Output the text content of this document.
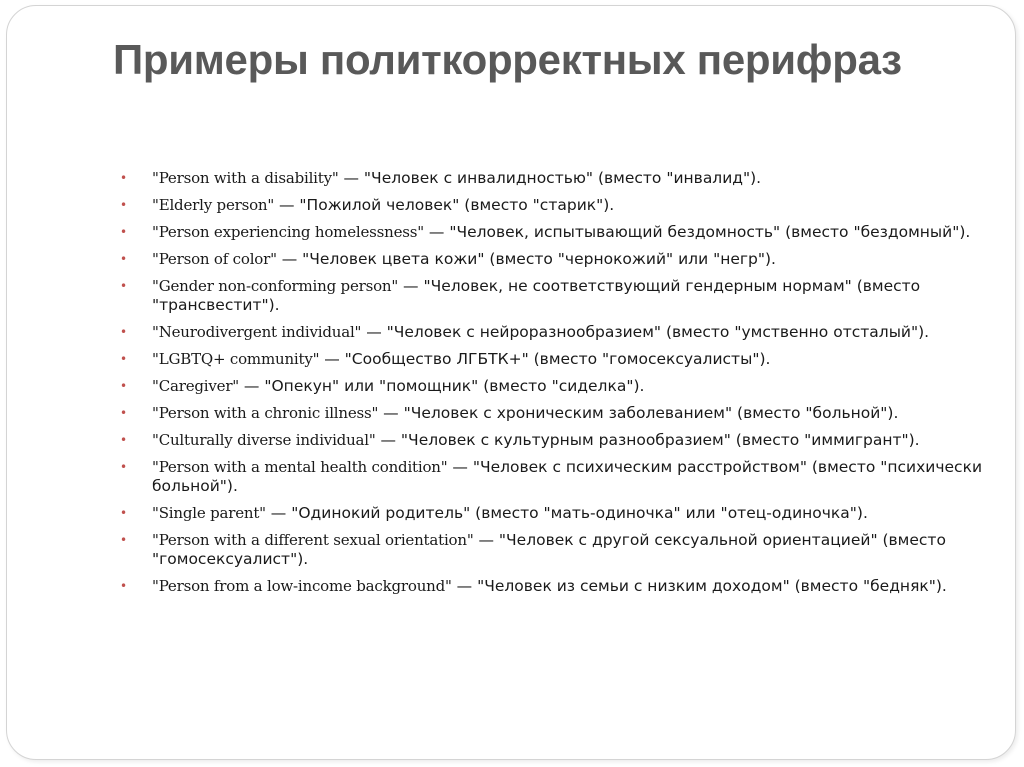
Примеры политкорректных перифраз
• "Person with a disability" — "Человек с инвалидностью" (вместо "инвалид").
• "Elderly person" — "Пожилой человек" (вместо "старик").
• "Person experiencing homelessness" — "Человек, испытывающий бездомность" (вместо "бездомный").
• "Person of color" — "Человек цвета кожи" (вместо "чернокожий" или "негр").
• "Gender non-conforming person" — "Человек, не соответствующий гендерным нормам" (вместо "трансвестит").
• "Neurodivergent individual" — "Человек с нейроразнообразием" (вместо "умственно отсталый").
• "LGBTQ+ community" — "Сообщество ЛГБТК+" (вместо "гомосексуалисты").
• "Caregiver" — "Опекун" или "помощник" (вместо "сиделка").
• "Person with a chronic illness" — "Человек с хроническим заболеванием" (вместо "больной").
• "Culturally diverse individual" — "Человек с культурным разнообразием" (вместо "иммигрант").
• "Person with a mental health condition" — "Человек с психическим расстройством" (вместо "психически больной").
• "Single parent" — "Одинокий родитель" (вместо "мать-одиночка" или "отец-одиночка").
• "Person with a different sexual orientation" — "Человек с другой сексуальной ориентацией" (вместо "гомосексуалист").
• "Person from a low-income background" — "Человек из семьи с низким доходом" (вместо "бедняк").
